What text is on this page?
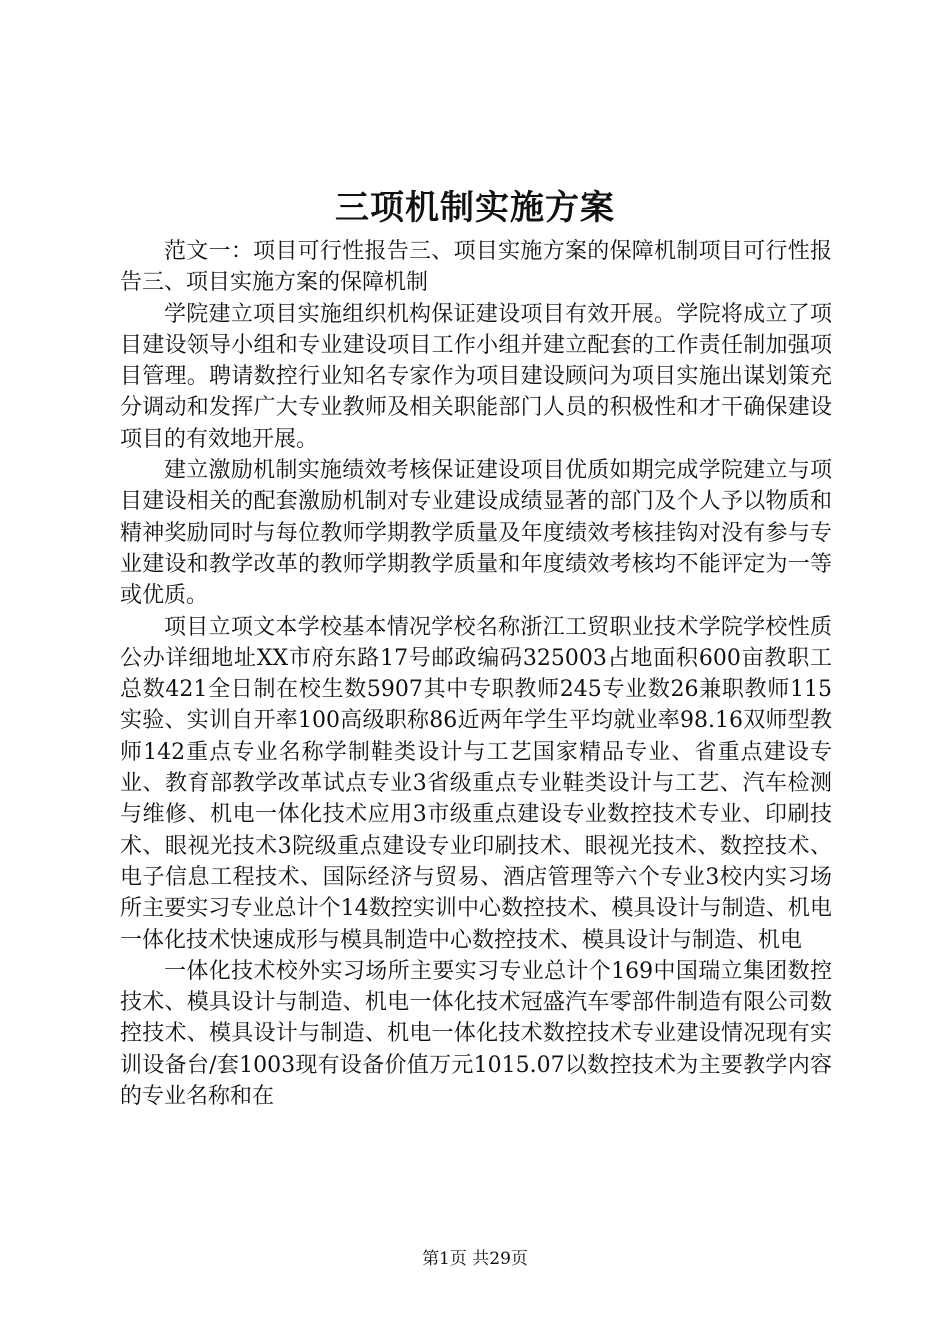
三项机制实施方案

范文一：项目可行性报告三、项目实施方案的保障机制项目可行性报告三、项目实施方案的保障机制

学院建立项目实施组织机构保证建设项目有效开展。学院将成立了项目建设领导小组和专业建设项目工作小组并建立配套的工作责任制加强项目管理。聘请数控行业知名专家作为项目建设顾问为项目实施出谋划策充分调动和发挥广大专业教师及相关职能部门人员的积极性和才干确保建设项目的有效地开展。

建立激励机制实施绩效考核保证建设项目优质如期完成学院建立与项目建设相关的配套激励机制对专业建设成绩显著的部门及个人予以物质和精神奖励同时与每位教师学期教学质量及年度绩效考核挂钩对没有参与专业建设和教学改革的教师学期教学质量和年度绩效考核均不能评定为一等或优质。

项目立项文本学校基本情况学校名称浙江工贸职业技术学院学校性质公办详细地址XX市府东路17号邮政编码325003占地面积600亩教职工总数421全日制在校生数5907其中专职教师245专业数26兼职教师115实验、实训自开率100高级职称86近两年学生平均就业率98.16双师型教师142重点专业名称学制鞋类设计与工艺国家精品专业、省重点建设专业、教育部教学改革试点专业3省级重点专业鞋类设计与工艺、汽车检测与维修、机电一体化技术应用3市级重点建设专业数控技术专业、印刷技术、眼视光技术3院级重点建设专业印刷技术、眼视光技术、数控技术、电子信息工程技术、国际经济与贸易、酒店管理等六个专业3校内实习场所主要实习专业总计个14数控实训中心数控技术、模具设计与制造、机电一体化技术快速成形与模具制造中心数控技术、模具设计与制造、机电

一体化技术校外实习场所主要实习专业总计个169中国瑞立集团数控技术、模具设计与制造、机电一体化技术冠盛汽车零部件制造有限公司数控技术、模具设计与制造、机电一体化技术数控技术专业建设情况现有实训设备台/套1003现有设备价值万元1015.07以数控技术为主要教学内容的专业名称和在

第1页 共29页
